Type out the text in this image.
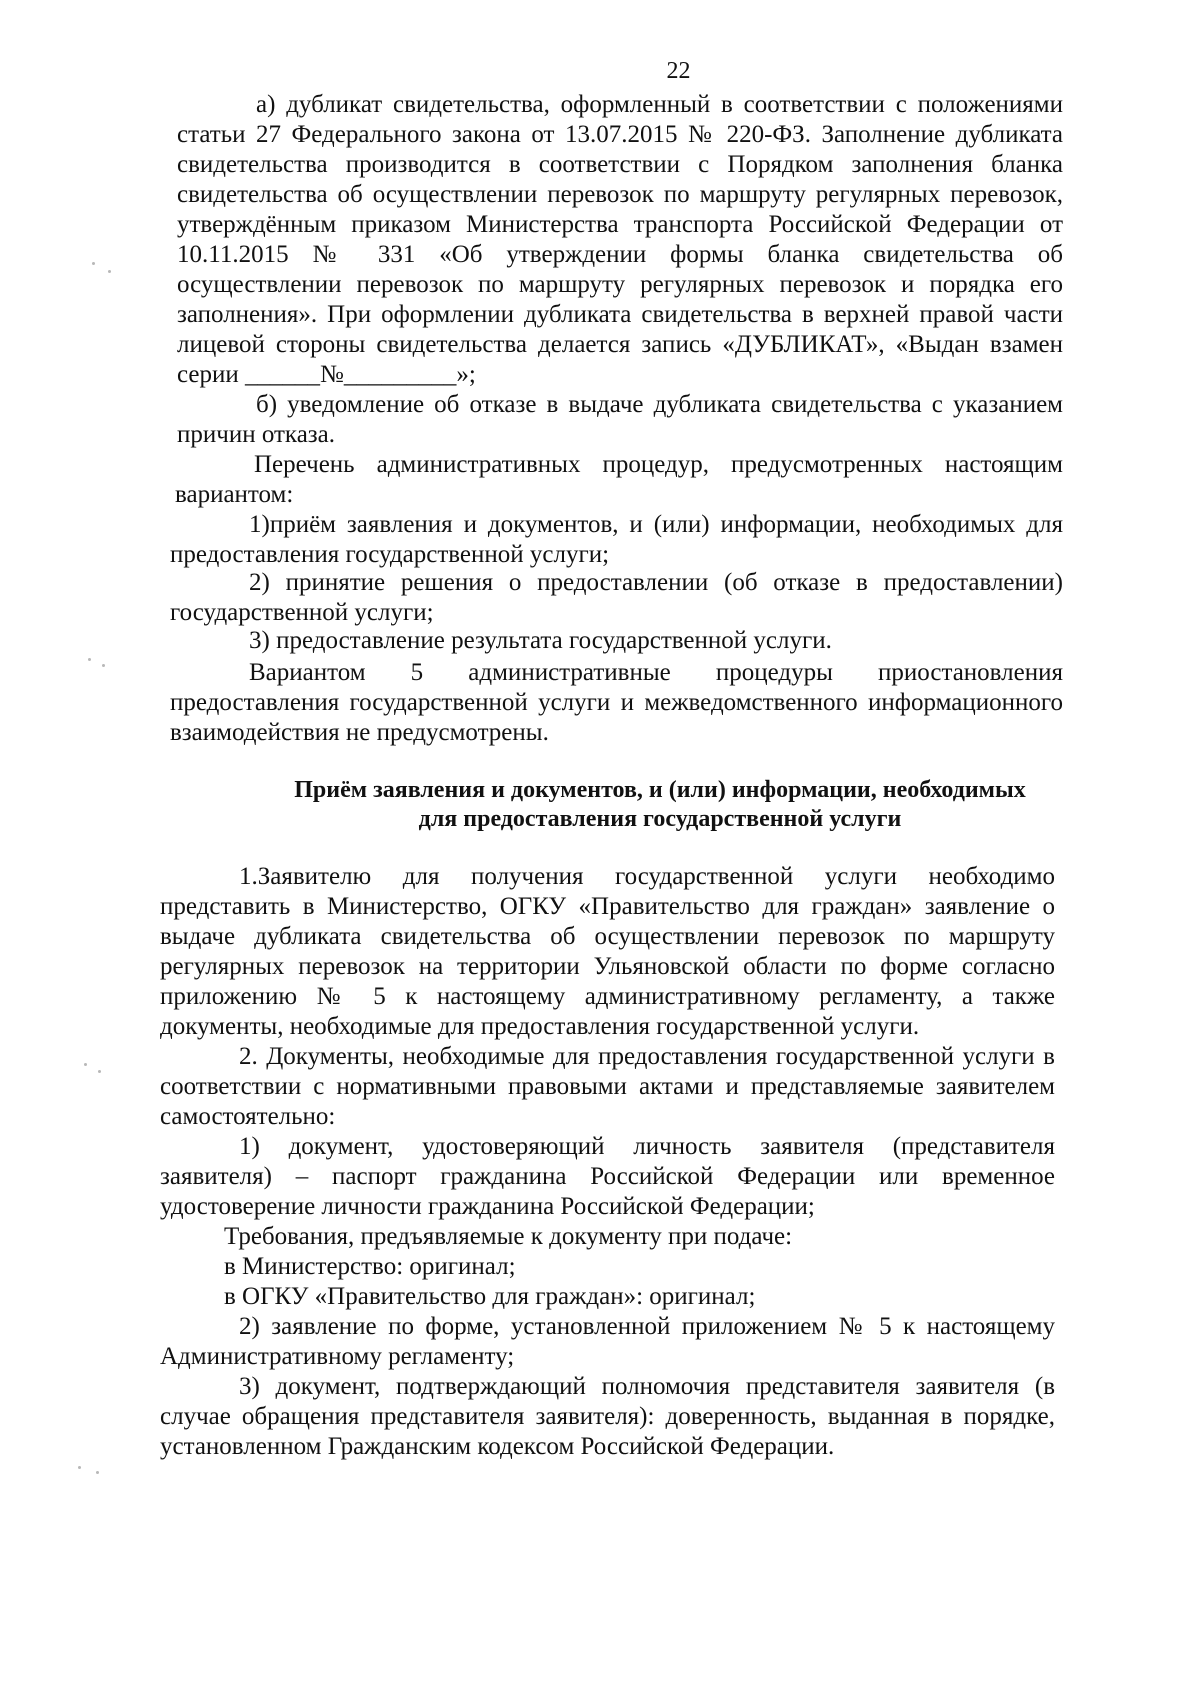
22
а) дубликат свидетельства, оформленный в соответствии с положениями статьи 27 Федерального закона от 13.07.2015 № 220-ФЗ. Заполнение дубликата свидетельства производится в соответствии с Порядком заполнения бланка свидетельства об осуществлении перевозок по маршруту регулярных перевозок, утверждённым приказом Министерства транспорта Российской Федерации от 10.11.2015 № 331 «Об утверждении формы бланка свидетельства об осуществлении перевозок по маршруту регулярных перевозок и порядка его заполнения». При оформлении дубликата свидетельства в верхней правой части лицевой стороны свидетельства делается запись «ДУБЛИКАТ», «Выдан взамен серии ______№_________»;
б) уведомление об отказе в выдаче дубликата свидетельства с указанием причин отказа.
Перечень административных процедур, предусмотренных настоящим вариантом:
1)приём заявления и документов, и (или) информации, необходимых для предоставления государственной услуги;
2) принятие решения о предоставлении (об отказе в предоставлении) государственной услуги;
3) предоставление результата государственной услуги.
Вариантом 5 административные процедуры приостановления предоставления государственной услуги и межведомственного информационного взаимодействия не предусмотрены.
Приём заявления и документов, и (или) информации, необходимых
для предоставления государственной услуги
1.Заявителю для получения государственной услуги необходимо представить в Министерство, ОГКУ «Правительство для граждан» заявление о выдаче дубликата свидетельства об осуществлении перевозок по маршруту регулярных перевозок на территории Ульяновской области по форме согласно приложению № 5 к настоящему административному регламенту, а также документы, необходимые для предоставления государственной услуги.
2. Документы, необходимые для предоставления государственной услуги в соответствии с нормативными правовыми актами и представляемые заявителем самостоятельно:
1) документ, удостоверяющий личность заявителя (представителя заявителя) – паспорт гражданина Российской Федерации или временное удостоверение личности гражданина Российской Федерации;
Требования, предъявляемые к документу при подаче:
в Министерство: оригинал;
в ОГКУ «Правительство для граждан»: оригинал;
2) заявление по форме, установленной приложением № 5 к настоящему Административному регламенту;
3) документ, подтверждающий полномочия представителя заявителя (в случае обращения представителя заявителя): доверенность, выданная в порядке, установленном Гражданским кодексом Российской Федерации.
